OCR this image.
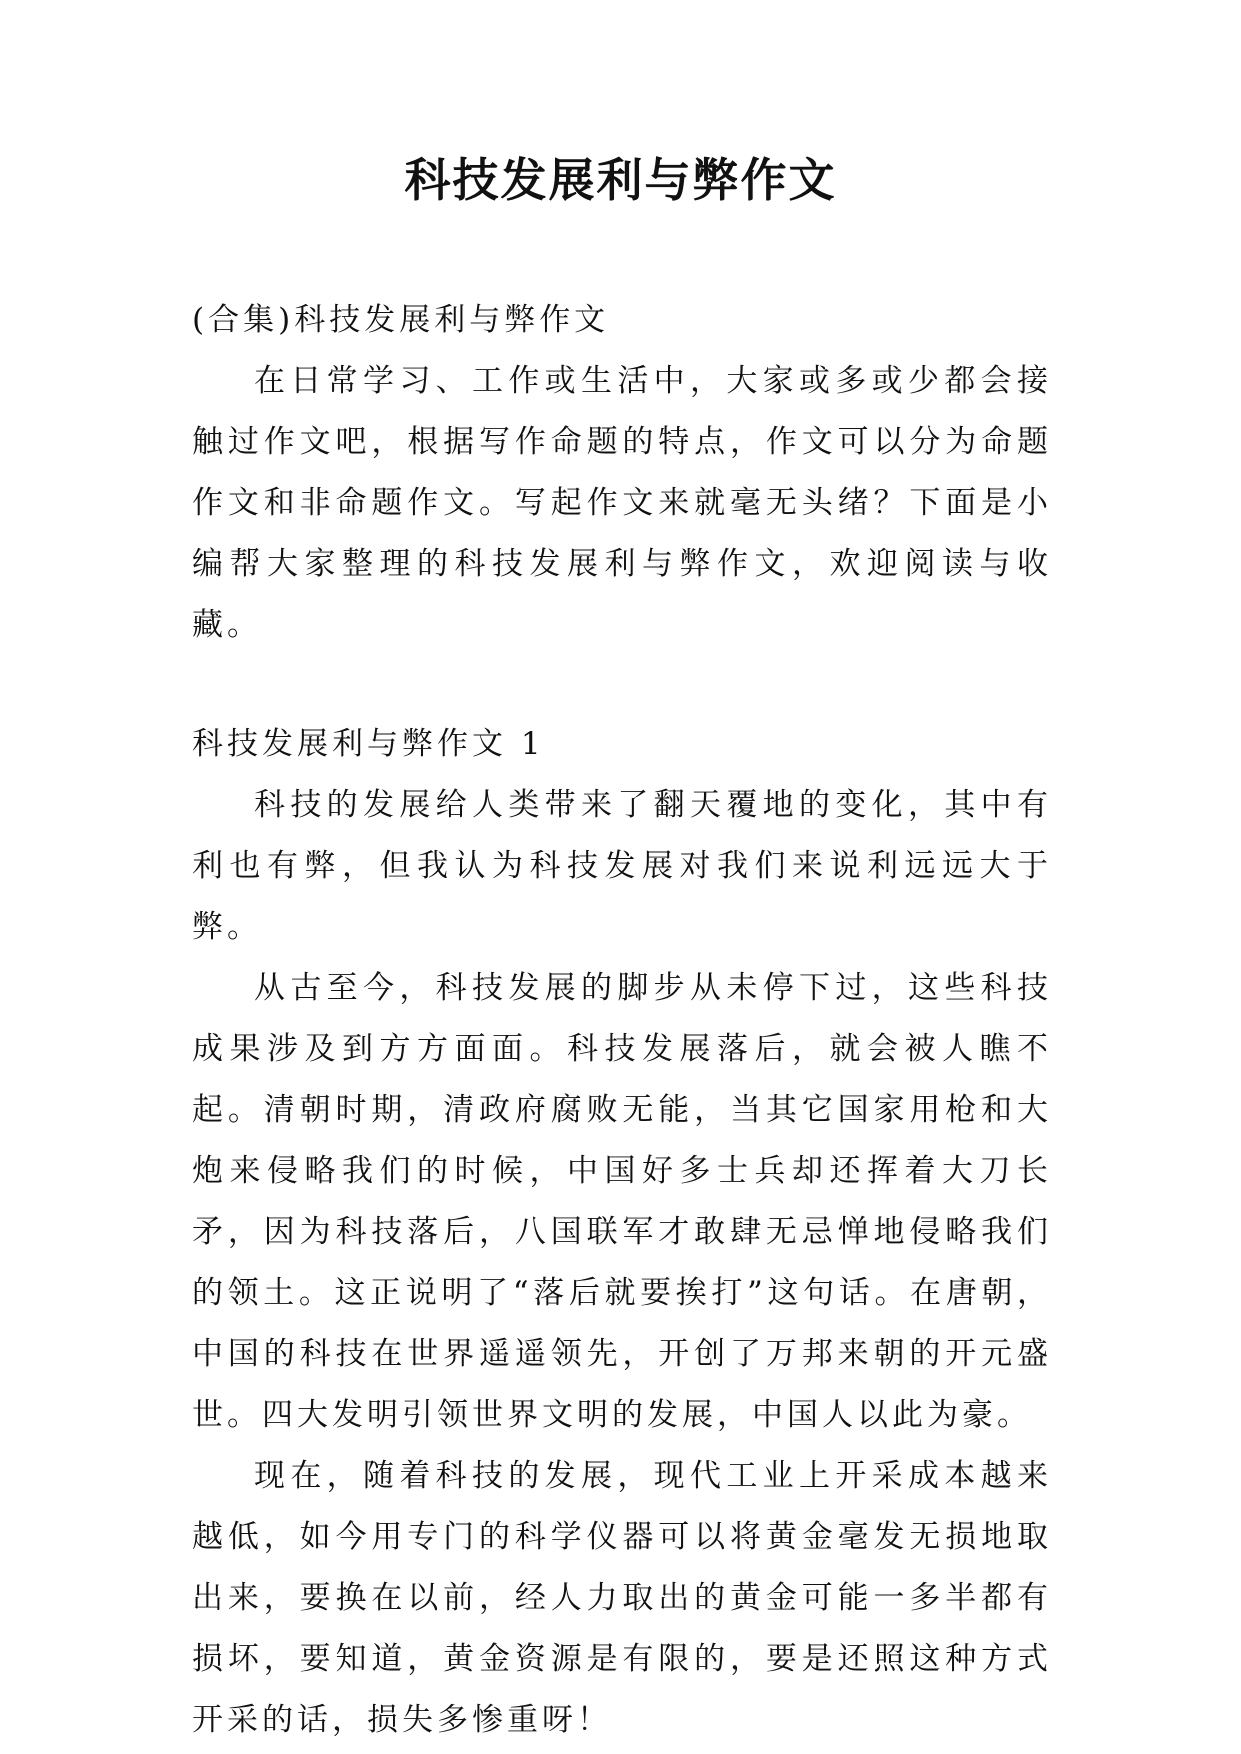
科技发展利与弊作文

(合集)科技发展利与弊作文

在日常学习、工作或生活中，大家或多或少都会接触过作文吧，根据写作命题的特点，作文可以分为命题作文和非命题作文。写起作文来就毫无头绪？下面是小编帮大家整理的科技发展利与弊作文，欢迎阅读与收藏。

科技发展利与弊作文 1

科技的发展给人类带来了翻天覆地的变化，其中有利也有弊，但我认为科技发展对我们来说利远远大于弊。

从古至今，科技发展的脚步从未停下过，这些科技成果涉及到方方面面。科技发展落后，就会被人瞧不起。清朝时期，清政府腐败无能，当其它国家用枪和大炮来侵略我们的时候，中国好多士兵却还挥着大刀长矛，因为科技落后，八国联军才敢肆无忌惮地侵略我们的领土。这正说明了“落后就要挨打”这句话。在唐朝，中国的科技在世界遥遥领先，开创了万邦来朝的开元盛世。四大发明引领世界文明的发展，中国人以此为豪。

现在，随着科技的发展，现代工业上开采成本越来越低，如今用专门的科学仪器可以将黄金毫发无损地取出来，要换在以前，经人力取出的黄金可能一多半都有损坏，要知道，黄金资源是有限的，要是还照这种方式开采的话，损失多惨重呀！
